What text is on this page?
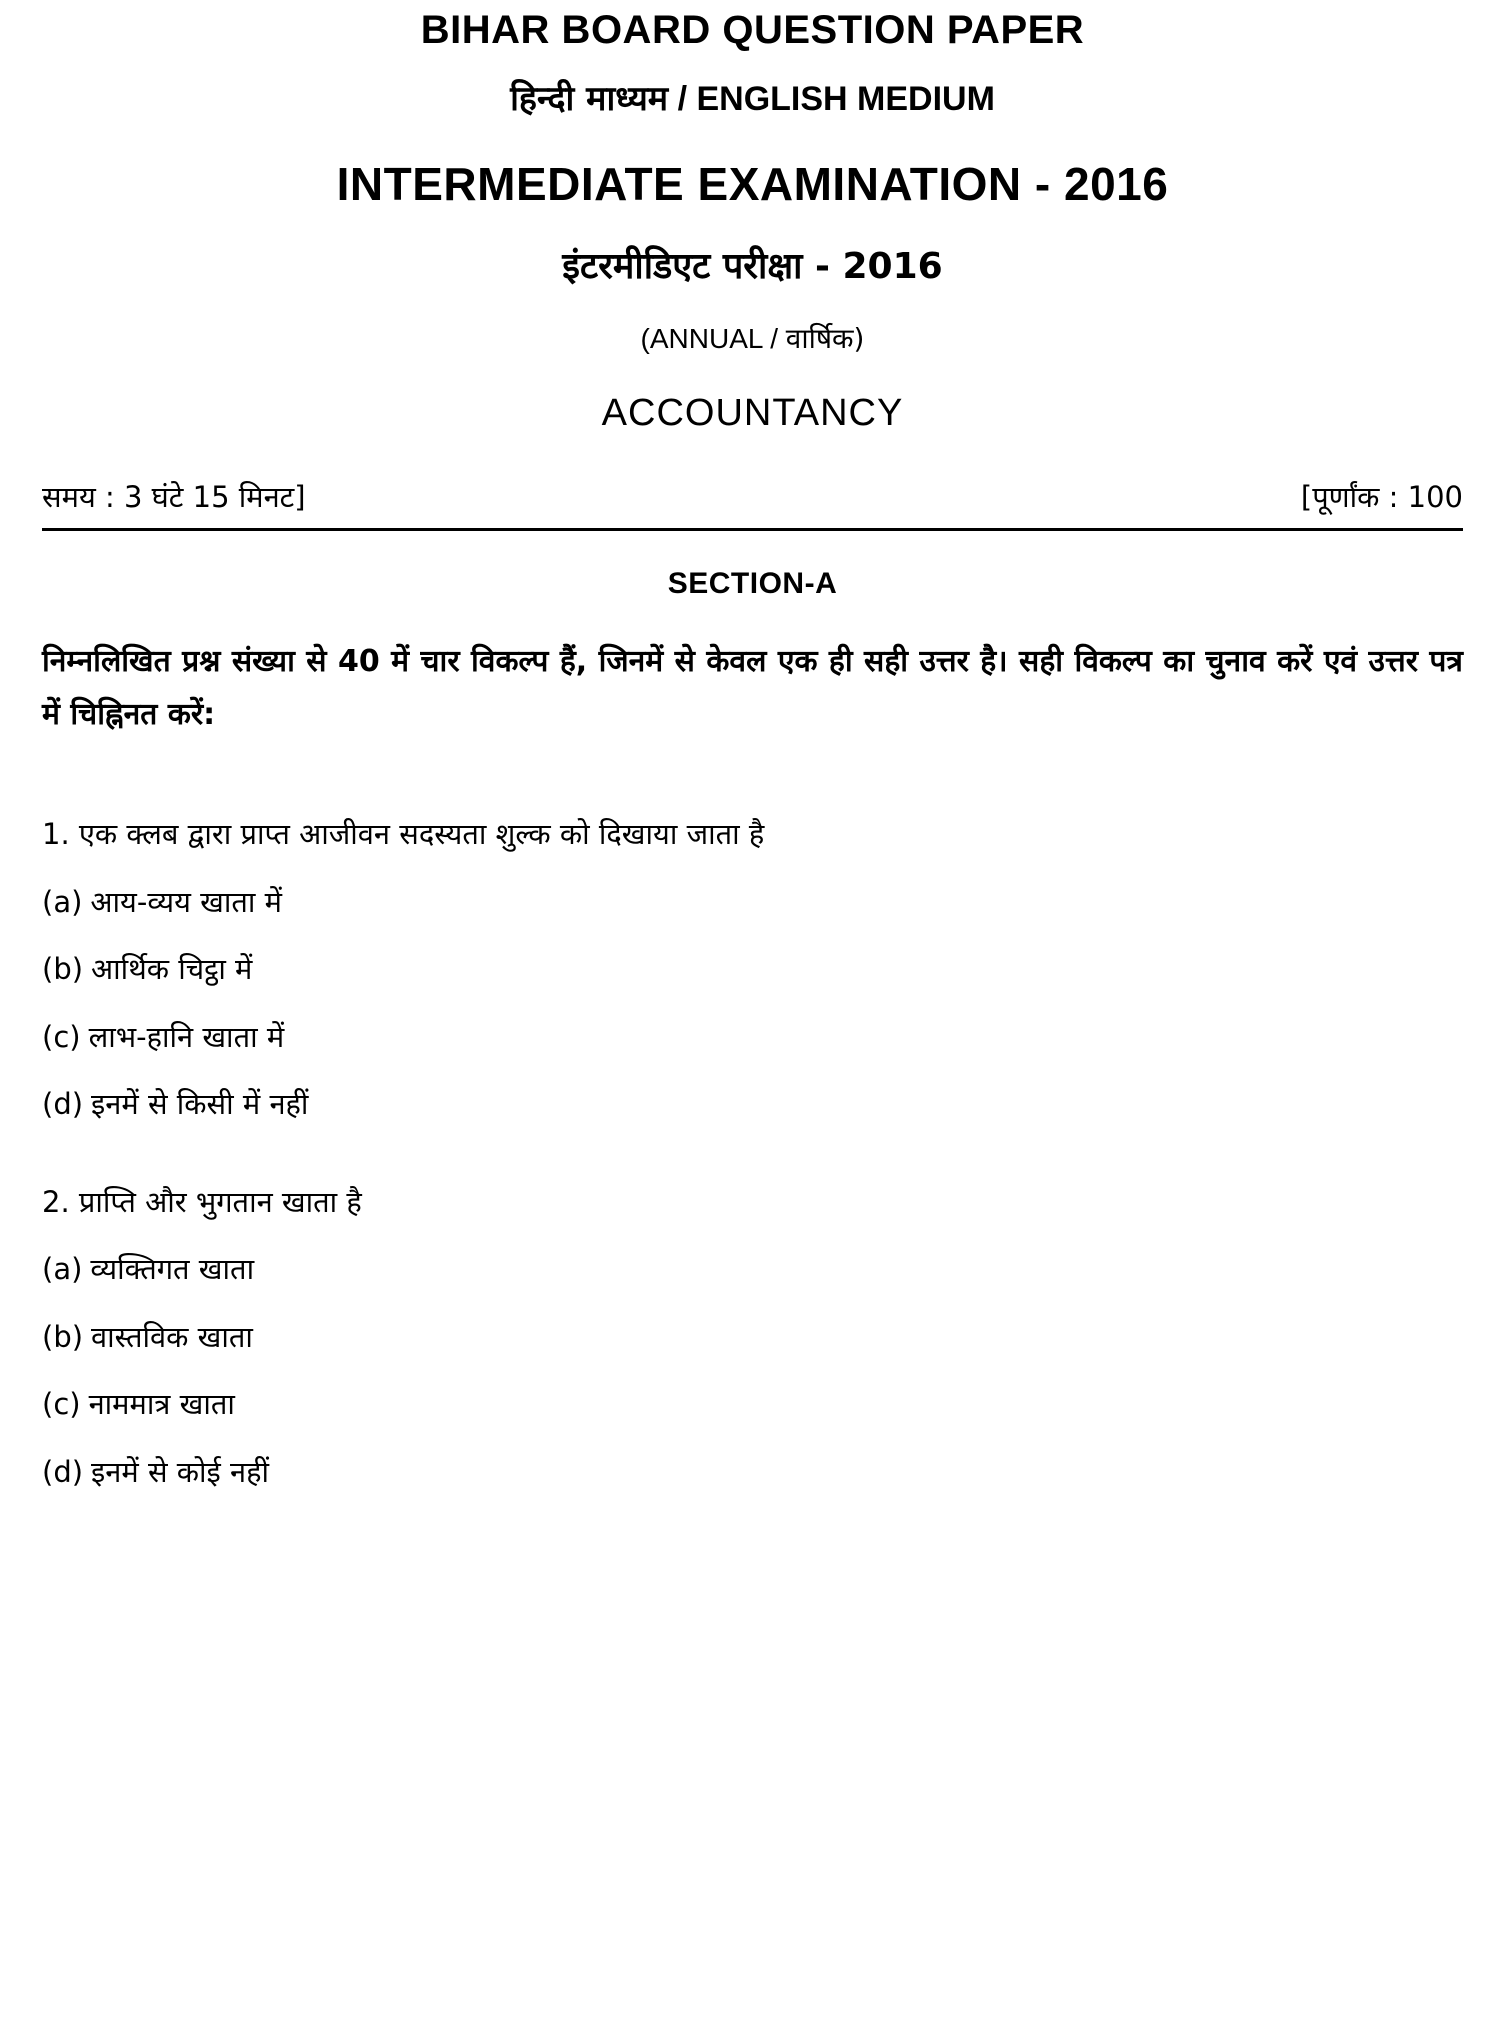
BIHAR BOARD QUESTION PAPER
हिन्दी माध्यम / ENGLISH MEDIUM
INTERMEDIATE EXAMINATION - 2016
इंटरमीडिएट परीक्षा - 2016
(ANNUAL / वार्षिक)
ACCOUNTANCY
समय : 3 घंटे 15 मिनट]	[पूर्णांक : 100
SECTION-A
निम्नलिखित प्रश्न संख्या से 40 में चार विकल्प हैं, जिनमें से केवल एक ही सही उत्तर है। सही विकल्प का चुनाव करें एवं उत्तर पत्र में चिह्निनत करें:
1. एक क्लब द्वारा प्राप्त आजीवन सदस्यता शुल्क को दिखाया जाता है
(a) आय-व्यय खाता में
(b) आर्थिक चिट्ठा में
(c) लाभ-हानि खाता में
(d) इनमें से किसी में नहीं
2. प्राप्ति और भुगतान खाता है
(a) व्यक्तिगत खाता
(b) वास्तविक खाता
(c) नाममात्र खाता
(d) इनमें से कोई नहीं
